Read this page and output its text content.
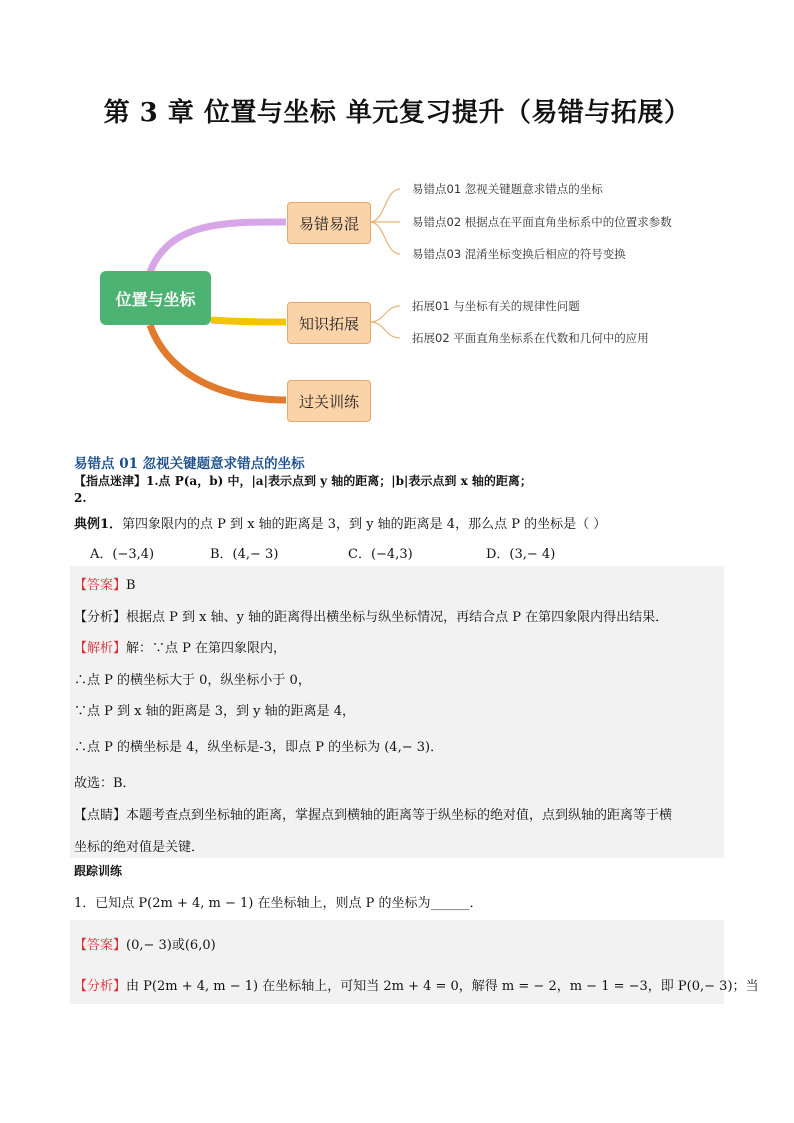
第 3 章 位置与坐标 单元复习提升（易错与拓展）
位置与坐标
易错易混
知识拓展
过关训练
易错点01 忽视关键题意求错点的坐标
易错点02 根据点在平面直角坐标系中的位置求参数
易错点03 混淆坐标变换后相应的符号变换
拓展01 与坐标有关的规律性问题
拓展02 平面直角坐标系在代数和几何中的应用
易错点 01 忽视关键题意求错点的坐标
【指点迷津】1.点 P(a，b) 中，|a|表示点到 y 轴的距离；|b|表示点到 x 轴的距离；
2.
典例1．第四象限内的点 P 到 x 轴的距离是 3，到 y 轴的距离是 4，那么点 P 的坐标是（ ）
A．(−3,4)	B．(4,− 3)	C．(−4,3)	D．(3,− 4)
【答案】B
【分析】根据点 P 到 x 轴、y 轴的距离得出横坐标与纵坐标情况，再结合点 P 在第四象限内得出结果．
【解析】解：∵点 P 在第四象限内，
∴点 P 的横坐标大于 0，纵坐标小于 0，
∵点 P 到 x 轴的距离是 3，到 y 轴的距离是 4，
∴点 P 的横坐标是 4，纵坐标是-3，即点 P 的坐标为 (4,− 3)．
故选：B．
【点睛】本题考查点到坐标轴的距离，掌握点到横轴的距离等于纵坐标的绝对值，点到纵轴的距离等于横
坐标的绝对值是关键．
跟踪训练
1．已知点 P(2m + 4, m − 1) 在坐标轴上，则点 P 的坐标为______．
【答案】(0,− 3)或(6,0)
【分析】由 P(2m + 4, m − 1) 在坐标轴上，可知当 2m + 4 = 0，解得 m = − 2，m − 1 = −3，即 P(0,− 3)；当
